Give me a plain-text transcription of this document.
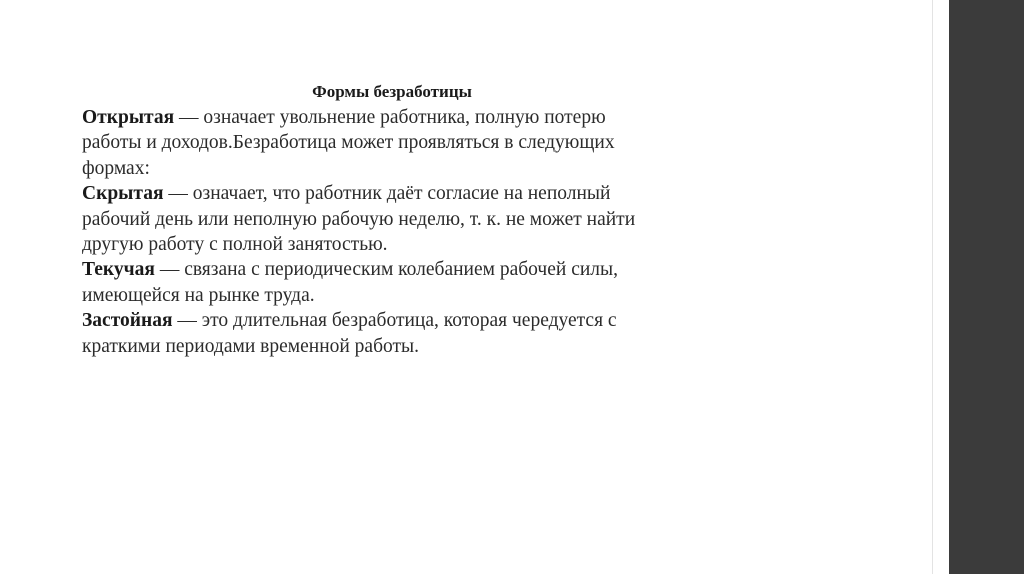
Формы безработицы

Открытая — означает увольнение работника, полную потерю
работы и доходов.Безработица может проявляться в следующих
формах:

Скрытая — означает, что работник даёт согласие на неполный
рабочий день или неполную рабочую неделю, т. к. не может найти
другую работу с полной занятостью.

Текучая — связана с периодическим колебанием рабочей силы,
имеющейся на рынке труда.

Застойная — это длительная безработица, которая чередуется с
краткими периодами временной работы.
